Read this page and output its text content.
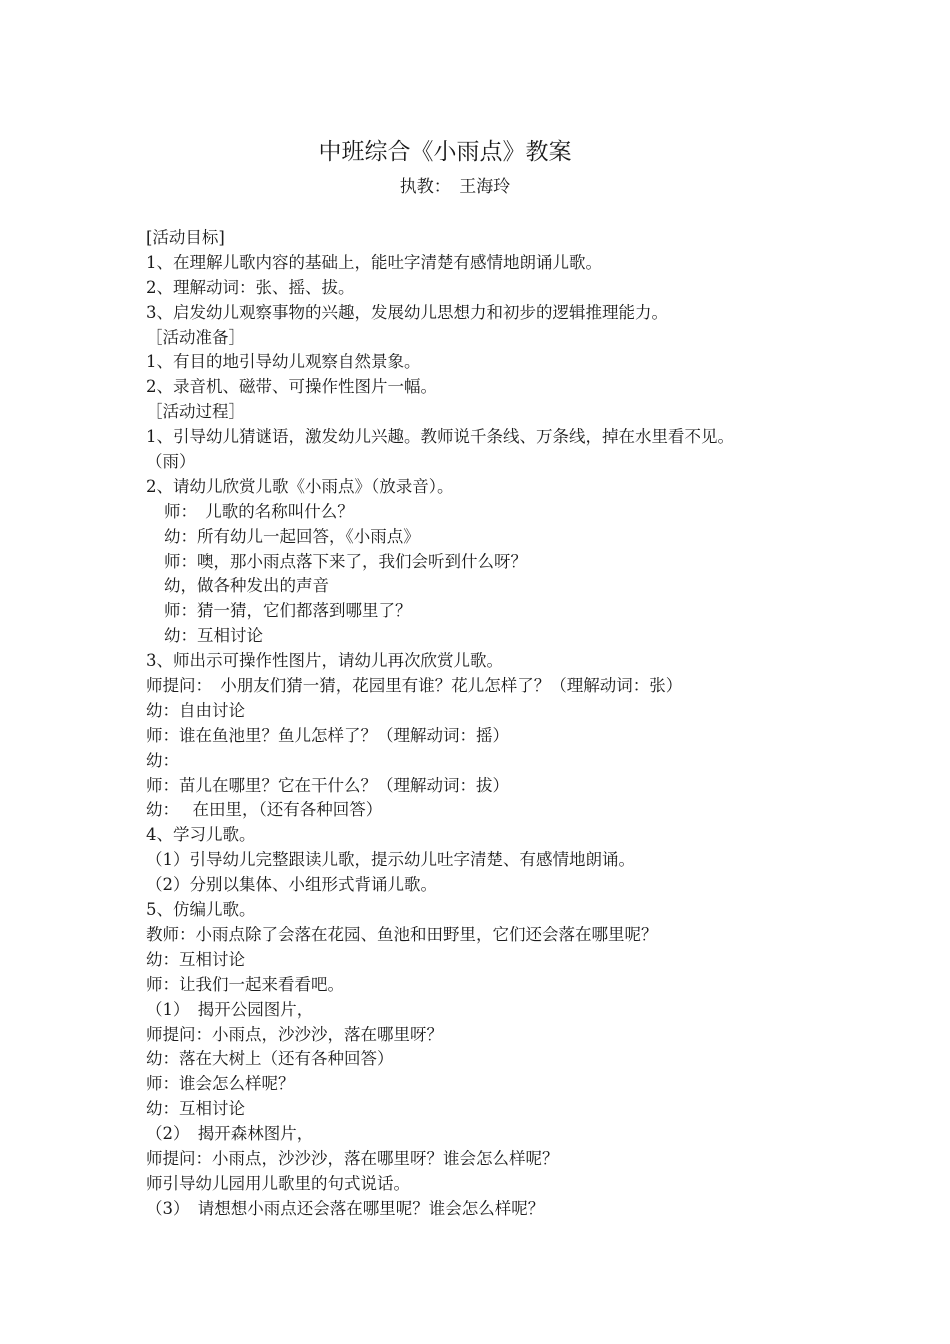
中班综合《小雨点》教案
执教：　王海玲
[活动目标]
1、在理解儿歌内容的基础上，能吐字清楚有感情地朗诵儿歌。
2、理解动词：张、摇、拔。
3、启发幼儿观察事物的兴趣，发展幼儿思想力和初步的逻辑推理能力。
［活动准备］
1、有目的地引导幼儿观察自然景象。
2、录音机、磁带、可操作性图片一幅。
［活动过程］
1、引导幼儿猜谜语，激发幼儿兴趣。教师说千条线、万条线，掉在水里看不见。
（雨）
2、请幼儿欣赏儿歌《小雨点》（放录音）。
师：　儿歌的名称叫什么？
幼：所有幼儿一起回答，《小雨点》
师：噢，那小雨点落下来了，我们会听到什么呀？
幼，做各种发出的声音
师：猜一猜，它们都落到哪里了？
幼：互相讨论
3、师出示可操作性图片，请幼儿再次欣赏儿歌。
师提问：　小朋友们猜一猜，花园里有谁？花儿怎样了？（理解动词：张）
幼：自由讨论
师：谁在鱼池里？鱼儿怎样了？（理解动词：摇）
幼：
师：苗儿在哪里？它在干什么？（理解动词：拔）
幼：　 在田里，（还有各种回答）
4、学习儿歌。
（1）引导幼儿完整跟读儿歌，提示幼儿吐字清楚、有感情地朗诵。
（2）分别以集体、小组形式背诵儿歌。
5、仿编儿歌。
教师：小雨点除了会落在花园、鱼池和田野里，它们还会落在哪里呢？
幼：互相讨论
师：让我们一起来看看吧。
（1）　揭开公园图片，
师提问：小雨点，沙沙沙，落在哪里呀？
幼：落在大树上（还有各种回答）
师：谁会怎么样呢？
幼：互相讨论
（2）　揭开森林图片，
师提问：小雨点，沙沙沙，落在哪里呀？谁会怎么样呢？
师引导幼儿园用儿歌里的句式说话。
（3）　请想想小雨点还会落在哪里呢？谁会怎么样呢？
